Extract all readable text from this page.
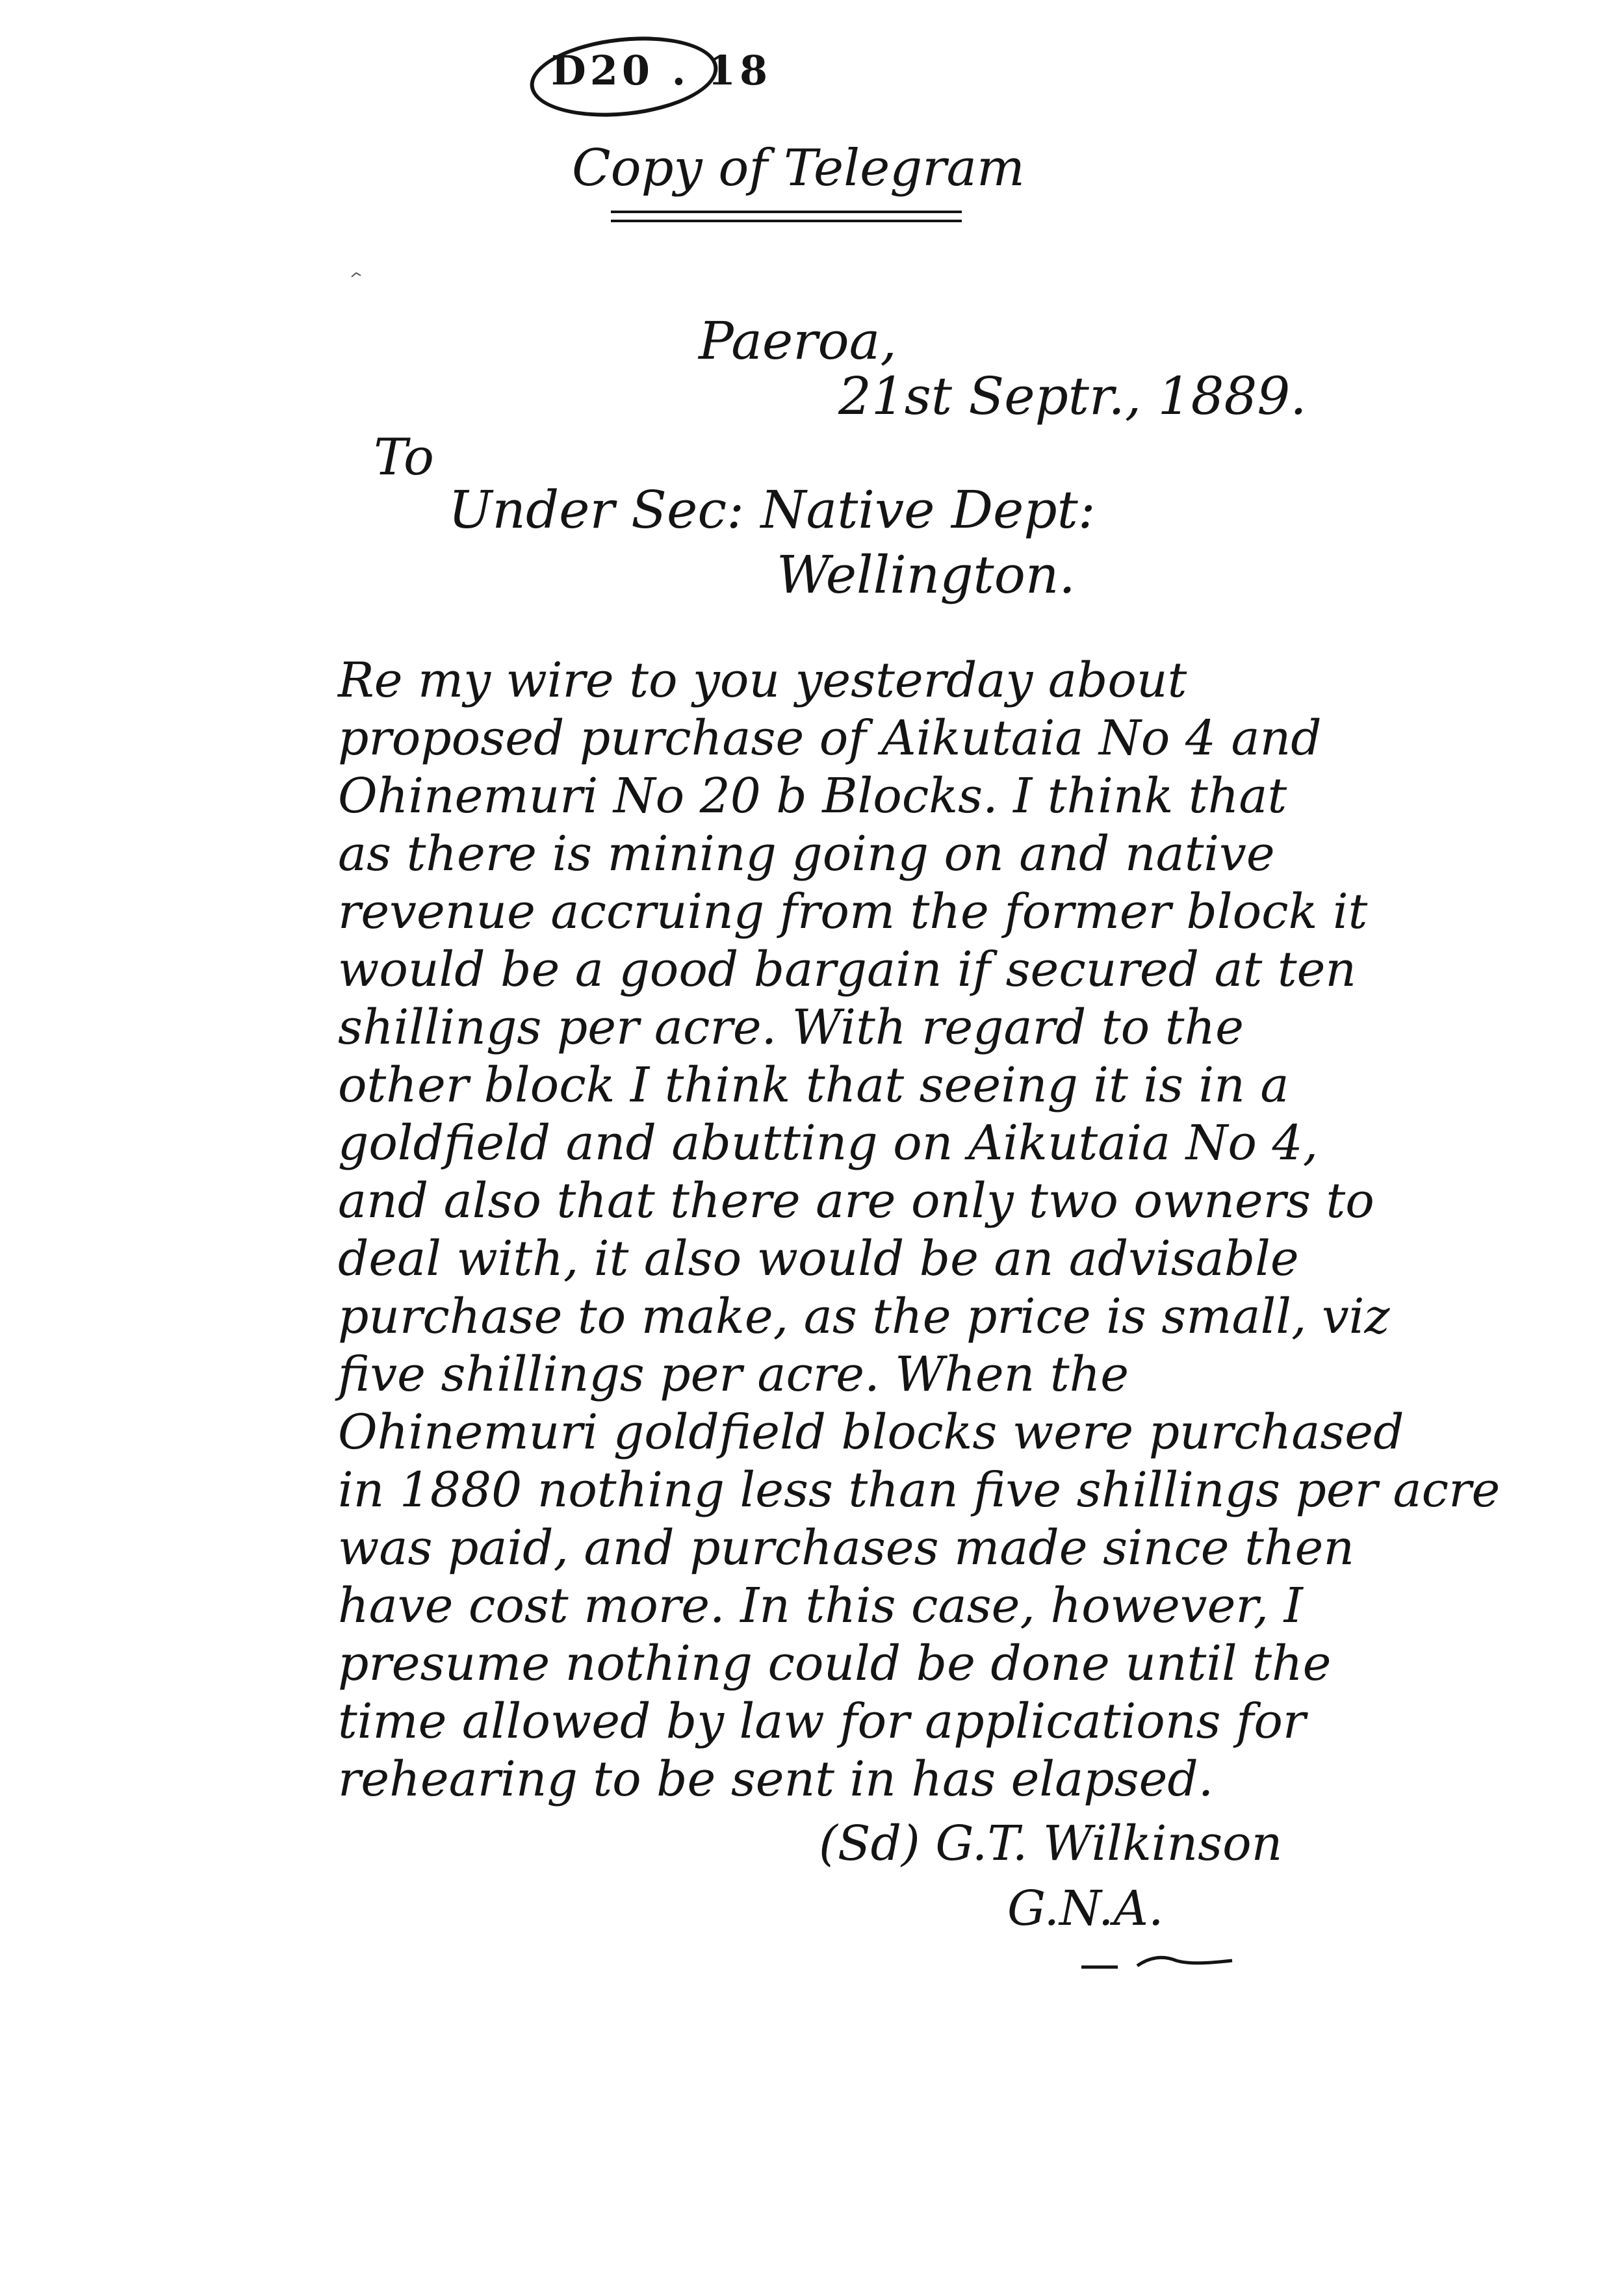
D20 . 18
Copy of Telegram
Paeroa,
21st Septr., 1889.
To
Under Sec: Native Dept:
Wellington.
Re my wire to you yesterday about
proposed purchase of Aikutaia No 4 and
Ohinemuri No 20 b Blocks. I think that
as there is mining going on and native
revenue accruing from the former block it
would be a good bargain if secured at ten
shillings per acre. With regard to the
other block I think that seeing it is in a
goldfield and abutting on Aikutaia No 4,
and also that there are only two owners to
deal with, it also would be an advisable
purchase to make, as the price is small, viz
five shillings per acre. When the
Ohinemuri goldfield blocks were purchased
in 1880 nothing less than five shillings per acre
was paid, and purchases made since then
have cost more. In this case, however, I
presume nothing could be done until the
time allowed by law for applications for
rehearing to be sent in has elapsed.
(Sd) G.T. Wilkinson
G.N.A.
